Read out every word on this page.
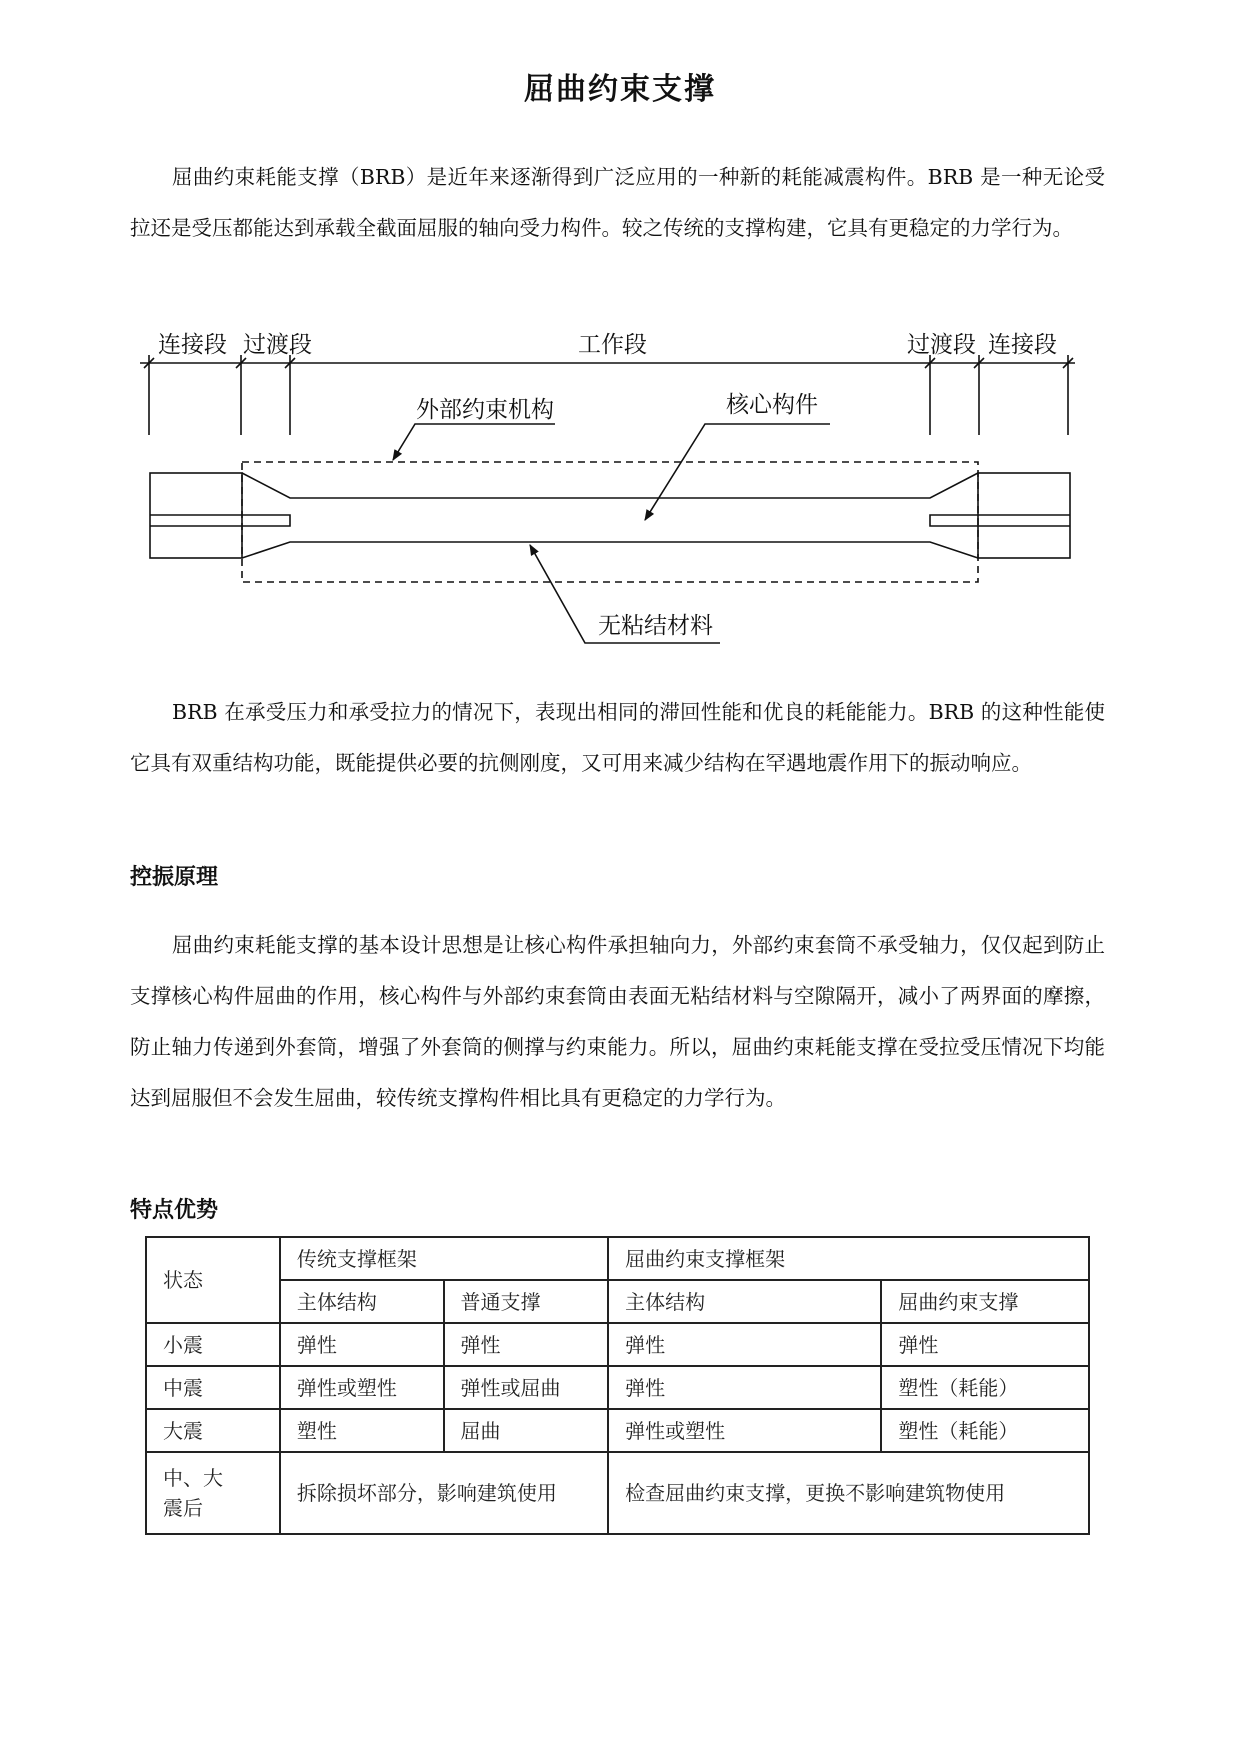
屈曲约束支撑

屈曲约束耗能支撑（BRB）是近年来逐渐得到广泛应用的一种新的耗能减震构件。BRB 是一种无论受拉还是受压都能达到承载全截面屈服的轴向受力构件。较之传统的支撑构建，它具有更稳定的力学行为。

连接段 过渡段	工作段	过渡段 连接段
外部约束机构	核心构件
无粘结材料

BRB 在承受压力和承受拉力的情况下，表现出相同的滞回性能和优良的耗能能力。BRB 的这种性能使它具有双重结构功能，既能提供必要的抗侧刚度，又可用来减少结构在罕遇地震作用下的振动响应。

控振原理

屈曲约束耗能支撑的基本设计思想是让核心构件承担轴向力，外部约束套筒不承受轴力，仅仅起到防止支撑核心构件屈曲的作用，核心构件与外部约束套筒由表面无粘结材料与空隙隔开，减小了两界面的摩擦，防止轴力传递到外套筒，增强了外套筒的侧撑与约束能力。所以，屈曲约束耗能支撑在受拉受压情况下均能达到屈服但不会发生屈曲，较传统支撑构件相比具有更稳定的力学行为。

特点优势
状态	传统支撑框架		屈曲约束支撑框架	
	主体结构	普通支撑	主体结构	屈曲约束支撑
小震	弹性	弹性	弹性	弹性
中震	弹性或塑性	弹性或屈曲	弹性	塑性（耗能）
大震	塑性	屈曲	弹性或塑性	塑性（耗能）
中、大震后	拆除损坏部分，影响建筑使用		检查屈曲约束支撑，更换不影响建筑物使用	
